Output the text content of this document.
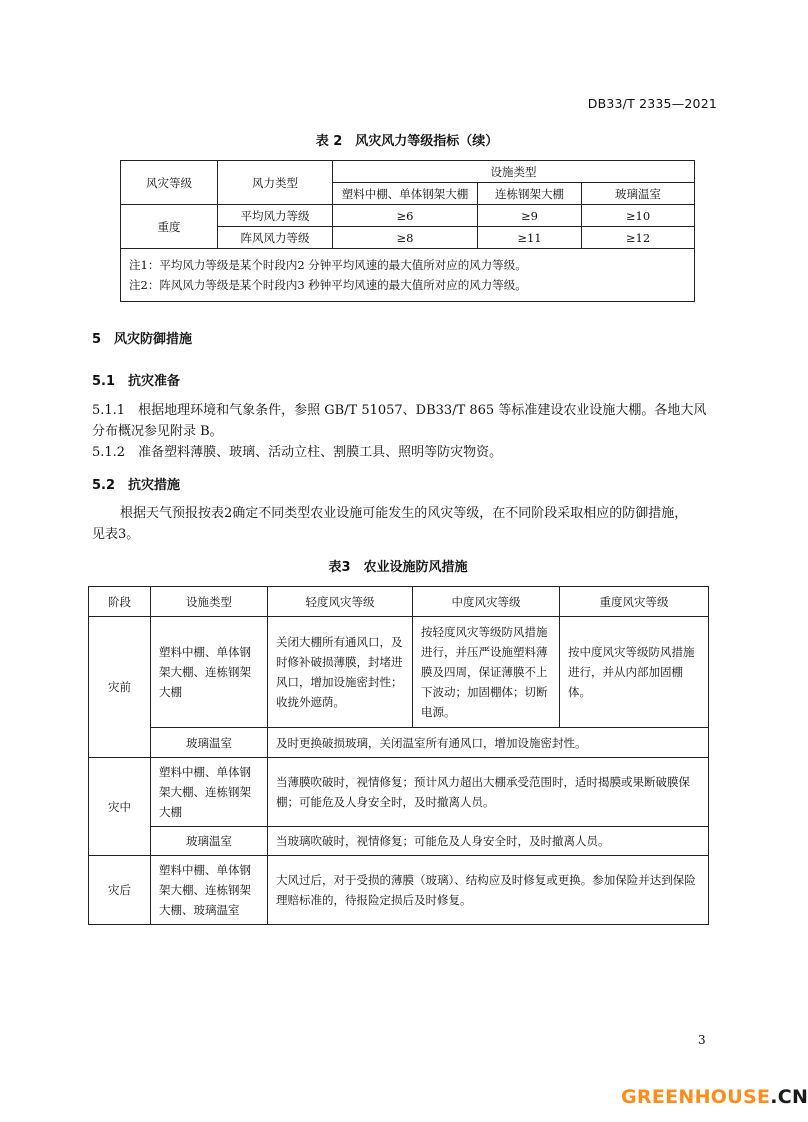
DB33/T 2335—2021
表 2　风灾风力等级指标（续）
风灾等级	风力类型	设施类型		
		塑料中棚、单体钢架大棚	连栋钢架大棚	玻璃温室
重度	平均风力等级	≥6	≥9	≥10
	阵风风力等级	≥8	≥11	≥12

注1：平均风力等级是某个时段内2 分钟平均风速的最大值所对应的风力等级。
注2：阵风风力等级是某个时段内3 秒钟平均风速的最大值所对应的风力等级。				
5　风灾防御措施
5.1　抗灾准备
5.1.1　根据地理环境和气象条件，参照 GB/T 51057、DB33/T 865 等标准建设农业设施大棚。各地大风
分布概况参见附录 B。
5.1.2　准备塑料薄膜、玻璃、活动立柱、割膜工具、照明等防灾物资。
5.2　抗灾措施
根据天气预报按表2确定不同类型农业设施可能发生的风灾等级，在不同阶段采取相应的防御措施，
见表3。
表3　农业设施防风措施
阶段	设施类型	轻度风灾等级	中度风灾等级	重度风灾等级
灾前	塑料中棚、单体钢架大棚、连栋钢架大棚	关闭大棚所有通风口，及时修补破损薄膜，封堵进风口，增加设施密封性；收拢外遮荫。	按轻度风灾等级防风措施进行，并压严设施塑料薄膜及四周，保证薄膜不上下波动；加固棚体；切断电源。	按中度风灾等级防风措施进行，并从内部加固棚体。
	玻璃温室	及时更换破损玻璃，关闭温室所有通风口，增加设施密封性。		
灾中	塑料中棚、单体钢架大棚、连栋钢架大棚	当薄膜吹破时，视情修复；预计风力超出大棚承受范围时，适时揭膜或果断破膜保棚；可能危及人身安全时，及时撤离人员。		
	玻璃温室	当玻璃吹破时，视情修复；可能危及人身安全时，及时撤离人员。		
灾后	塑料中棚、单体钢架大棚、连栋钢架大棚、玻璃温室	大风过后，对于受损的薄膜（玻璃）、结构应及时修复或更换。参加保险并达到保险理赔标准的，待报险定损后及时修复。		
3
GREENHOUSE.CN
